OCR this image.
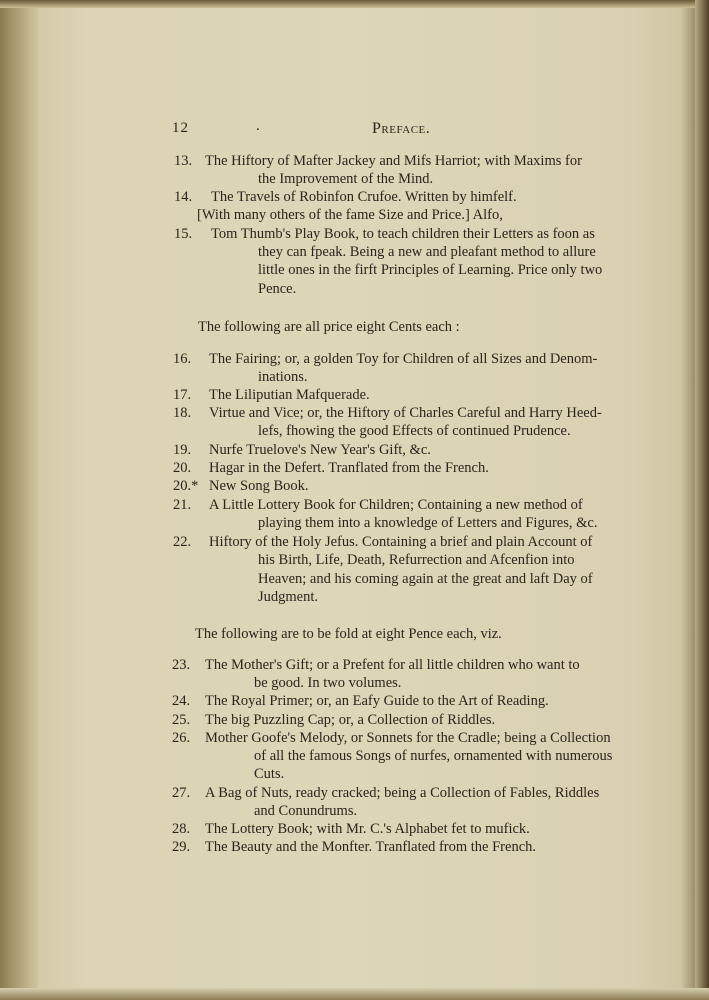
12	.	Preface.
13. The Hiftory of Mafter Jackey and Mifs Harriot; with Maxims for
the Improvement of the Mind.
14. The Travels of Robinfon Crufoe. Written by himfelf.
[With many others of the fame Size and Price.] Alfo,
15. Tom Thumb's Play Book, to teach children their Letters as foon as
they can fpeak. Being a new and pleafant method to allure
little ones in the firft Principles of Learning. Price only two
Pence.
The following are all price eight Cents each :
16. The Fairing; or, a golden Toy for Children of all Sizes and Denom-
inations.
17. The Liliputian Mafquerade.
18. Virtue and Vice; or, the Hiftory of Charles Careful and Harry Heed-
lefs, fhowing the good Effects of continued Prudence.
19. Nurfe Truelove's New Year's Gift, &c.
20. Hagar in the Defert. Tranflated from the French.
20.* New Song Book.
21. A Little Lottery Book for Children; Containing a new method of
playing them into a knowledge of Letters and Figures, &c.
22. Hiftory of the Holy Jefus. Containing a brief and plain Account of
his Birth, Life, Death, Refurrection and Afcenfion into
Heaven; and his coming again at the great and laft Day of
Judgment.
The following are to be fold at eight Pence each, viz.
23. The Mother's Gift; or a Prefent for all little children who want to
be good. In two volumes.
24. The Royal Primer; or, an Eafy Guide to the Art of Reading.
25. The big Puzzling Cap; or, a Collection of Riddles.
26. Mother Goofe's Melody, or Sonnets for the Cradle; being a Collection
of all the famous Songs of nurfes, ornamented with numerous
Cuts.
27. A Bag of Nuts, ready cracked; being a Collection of Fables, Riddles
and Conundrums.
28. The Lottery Book; with Mr. C.'s Alphabet fet to mufick.
29. The Beauty and the Monfter. Tranflated from the French.
